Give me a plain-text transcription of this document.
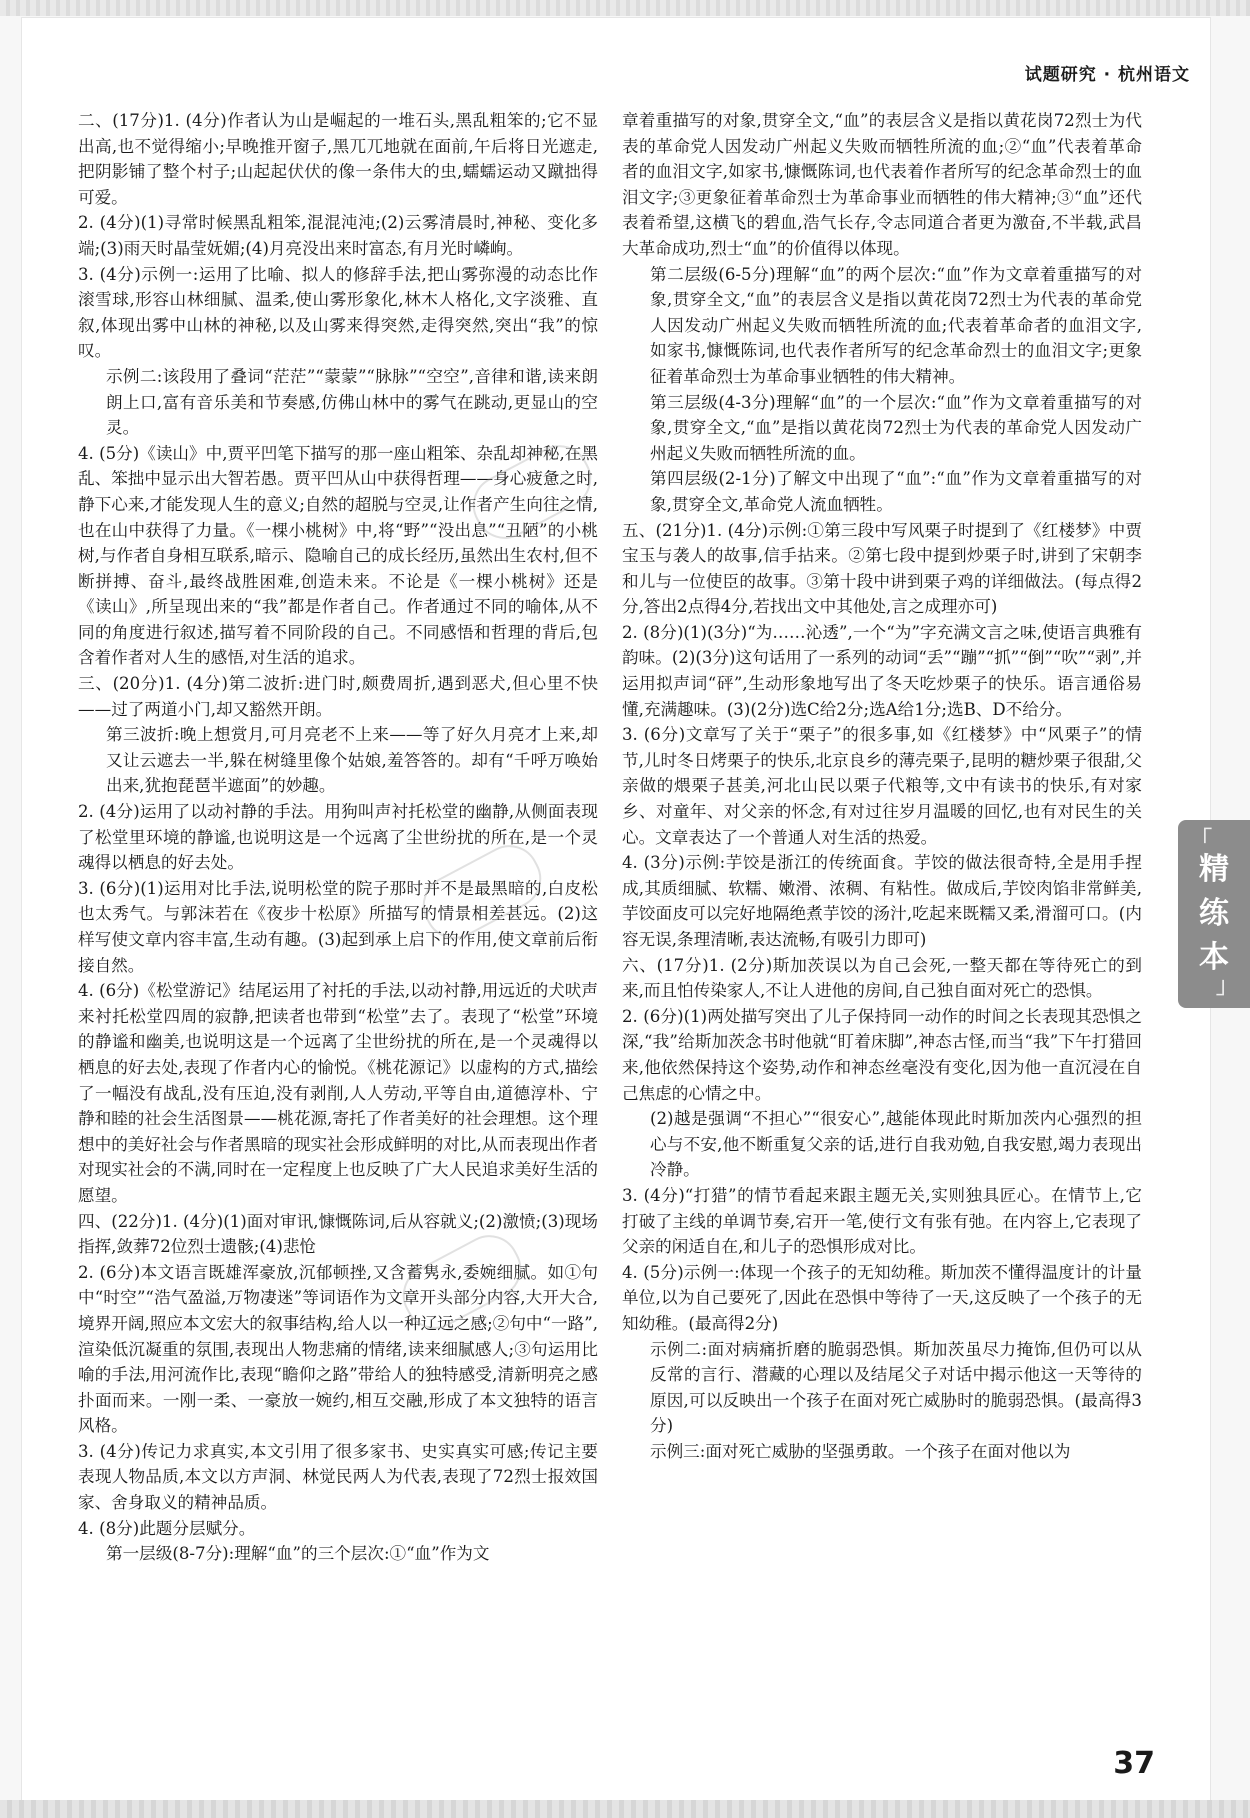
试题研究 · 杭州语文

二、(17分)1. (4分)作者认为山是崛起的一堆石头,黑乱粗笨的;它不显出高,也不觉得缩小;早晚推开窗子,黑兀兀地就在面前,午后将日光遮走,把阴影铺了整个村子;山起起伏伏的像一条伟大的虫,蠕蠕运动又蹴拙得可爱。

2. (4分)(1)寻常时候黑乱粗笨,混混沌沌;(2)云雾清晨时,神秘、变化多端;(3)雨天时晶莹妩媚;(4)月亮没出来时富态,有月光时嶙峋。

3. (4分)示例一:运用了比喻、拟人的修辞手法,把山雾弥漫的动态比作滚雪球,形容山林细腻、温柔,使山雾形象化,林木人格化,文字淡雅、直叙,体现出雾中山林的神秘,以及山雾来得突然,走得突然,突出“我”的惊叹。

示例二:该段用了叠词“茫茫”“蒙蒙”“脉脉”“空空”,音律和谐,读来朗朗上口,富有音乐美和节奏感,仿佛山林中的雾气在跳动,更显山的空灵。

4. (5分)《读山》中,贾平凹笔下描写的那一座山粗笨、杂乱却神秘,在黑乱、笨拙中显示出大智若愚。贾平凹从山中获得哲理——身心疲惫之时,静下心来,才能发现人生的意义;自然的超脱与空灵,让作者产生向往之情,也在山中获得了力量。《一棵小桃树》中,将“野”“没出息”“丑陋”的小桃树,与作者自身相互联系,暗示、隐喻自己的成长经历,虽然出生农村,但不断拼搏、奋斗,最终战胜困难,创造未来。不论是《一棵小桃树》还是《读山》,所呈现出来的“我”都是作者自己。作者通过不同的喻体,从不同的角度进行叙述,描写着不同阶段的自己。不同感悟和哲理的背后,包含着作者对人生的感悟,对生活的追求。

三、(20分)1. (4分)第二波折:进门时,颇费周折,遇到恶犬,但心里不快——过了两道小门,却又豁然开朗。

第三波折:晚上想赏月,可月亮老不上来——等了好久月亮才上来,却又让云遮去一半,躲在树缝里像个姑娘,羞答答的。却有“千呼万唤始出来,犹抱琵琶半遮面”的妙趣。

2. (4分)运用了以动衬静的手法。用狗叫声衬托松堂的幽静,从侧面表现了松堂里环境的静谧,也说明这是一个远离了尘世纷扰的所在,是一个灵魂得以栖息的好去处。

3. (6分)(1)运用对比手法,说明松堂的院子那时并不是最黑暗的,白皮松也太秀气。与郭沫若在《夜步十松原》所描写的情景相差甚远。(2)这样写使文章内容丰富,生动有趣。(3)起到承上启下的作用,使文章前后衔接自然。

4. (6分)《松堂游记》结尾运用了衬托的手法,以动衬静,用远近的犬吠声来衬托松堂四周的寂静,把读者也带到“松堂”去了。表现了“松堂”环境的静谧和幽美,也说明这是一个远离了尘世纷扰的所在,是一个灵魂得以栖息的好去处,表现了作者内心的愉悦。《桃花源记》以虚构的方式,描绘了一幅没有战乱,没有压迫,没有剥削,人人劳动,平等自由,道德淳朴、宁静和睦的社会生活图景——桃花源,寄托了作者美好的社会理想。这个理想中的美好社会与作者黑暗的现实社会形成鲜明的对比,从而表现出作者对现实社会的不满,同时在一定程度上也反映了广大人民追求美好生活的愿望。

四、(22分)1. (4分)(1)面对审讯,慷慨陈词,后从容就义;(2)激愤;(3)现场指挥,敛葬72位烈士遗骸;(4)悲怆

2. (6分)本文语言既雄浑豪放,沉郁顿挫,又含蓄隽永,委婉细腻。如①句中“时空”“浩气盈溢,万物凄迷”等词语作为文章开头部分内容,大开大合,境界开阔,照应本文宏大的叙事结构,给人以一种辽远之感;②句中“一路”,渲染低沉凝重的氛围,表现出人物悲痛的情绪,读来细腻感人;③句运用比喻的手法,用河流作比,表现“瞻仰之路”带给人的独特感受,清新明亮之感扑面而来。一刚一柔、一豪放一婉约,相互交融,形成了本文独特的语言风格。

3. (4分)传记力求真实,本文引用了很多家书、史实真实可感;传记主要表现人物品质,本文以方声洞、林觉民两人为代表,表现了72烈士报效国家、舍身取义的精神品质。

4. (8分)此题分层赋分。

第一层级(8-7分):理解“血”的三个层次:①“血”作为文

章着重描写的对象,贯穿全文,“血”的表层含义是指以黄花岗72烈士为代表的革命党人因发动广州起义失败而牺牲所流的血;②“血”代表着革命者的血泪文字,如家书,慷慨陈词,也代表着作者所写的纪念革命烈士的血泪文字;③更象征着革命烈士为革命事业而牺牲的伟大精神;③“血”还代表着希望,这横飞的碧血,浩气长存,令志同道合者更为激奋,不半载,武昌大革命成功,烈士“血”的价值得以体现。

第二层级(6-5分)理解“血”的两个层次:“血”作为文章着重描写的对象,贯穿全文,“血”的表层含义是指以黄花岗72烈士为代表的革命党人因发动广州起义失败而牺牲所流的血;代表着革命者的血泪文字,如家书,慷慨陈词,也代表作者所写的纪念革命烈士的血泪文字;更象征着革命烈士为革命事业牺牲的伟大精神。

第三层级(4-3分)理解“血”的一个层次:“血”作为文章着重描写的对象,贯穿全文,“血”是指以黄花岗72烈士为代表的革命党人因发动广州起义失败而牺牲所流的血。

第四层级(2-1分)了解文中出现了“血”:“血”作为文章着重描写的对象,贯穿全文,革命党人流血牺牲。

五、(21分)1. (4分)示例:①第三段中写风栗子时提到了《红楼梦》中贾宝玉与袭人的故事,信手拈来。②第七段中提到炒栗子时,讲到了宋朝李和儿与一位使臣的故事。③第十段中讲到栗子鸡的详细做法。(每点得2分,答出2点得4分,若找出文中其他处,言之成理亦可)

2. (8分)(1)(3分)“为……沁透”,一个“为”字充满文言之味,使语言典雅有韵味。(2)(3分)这句话用了一系列的动词“丢”“蹦”“抓”“倒”“吹”“剥”,并运用拟声词“砰”,生动形象地写出了冬天吃炒栗子的快乐。语言通俗易懂,充满趣味。(3)(2分)选C给2分;选A给1分;选B、D不给分。

3. (6分)文章写了关于“栗子”的很多事,如《红楼梦》中“风栗子”的情节,儿时冬日烤栗子的快乐,北京良乡的薄壳栗子,昆明的糖炒栗子很甜,父亲做的煨栗子甚美,河北山民以栗子代粮等,文中有读书的快乐,有对家乡、对童年、对父亲的怀念,有对过往岁月温暖的回忆,也有对民生的关心。文章表达了一个普通人对生活的热爱。

4. (3分)示例:芋饺是浙江的传统面食。芋饺的做法很奇特,全是用手捏成,其质细腻、软糯、嫩滑、浓稠、有粘性。做成后,芋饺肉馅非常鲜美,芋饺面皮可以完好地隔绝煮芋饺的汤汁,吃起来既糯又柔,滑溜可口。(内容无误,条理清晰,表达流畅,有吸引力即可)

六、(17分)1. (2分)斯加茨误以为自己会死,一整天都在等待死亡的到来,而且怕传染家人,不让人进他的房间,自己独自面对死亡的恐惧。

2. (6分)(1)两处描写突出了儿子保持同一动作的时间之长表现其恐惧之深,“我”给斯加茨念书时他就“盯着床脚”,神态古怪,而当“我”下午打猎回来,他依然保持这个姿势,动作和神态丝毫没有变化,因为他一直沉浸在自己焦虑的心情之中。

(2)越是强调“不担心”“很安心”,越能体现此时斯加茨内心强烈的担心与不安,他不断重复父亲的话,进行自我劝勉,自我安慰,竭力表现出冷静。

3. (4分)“打猎”的情节看起来跟主题无关,实则独具匠心。在情节上,它打破了主线的单调节奏,宕开一笔,使行文有张有弛。在内容上,它表现了父亲的闲适自在,和儿子的恐惧形成对比。

4. (5分)示例一:体现一个孩子的无知幼稚。斯加茨不懂得温度计的计量单位,以为自己要死了,因此在恐惧中等待了一天,这反映了一个孩子的无知幼稚。(最高得2分)

示例二:面对病痛折磨的脆弱恐惧。斯加茨虽尽力掩饰,但仍可以从反常的言行、潜藏的心理以及结尾父子对话中揭示他这一天等待的原因,可以反映出一个孩子在面对死亡威胁时的脆弱恐惧。(最高得3分)

示例三:面对死亡威胁的坚强勇敢。一个孩子在面对他以为

「
精
练
本
」
37
